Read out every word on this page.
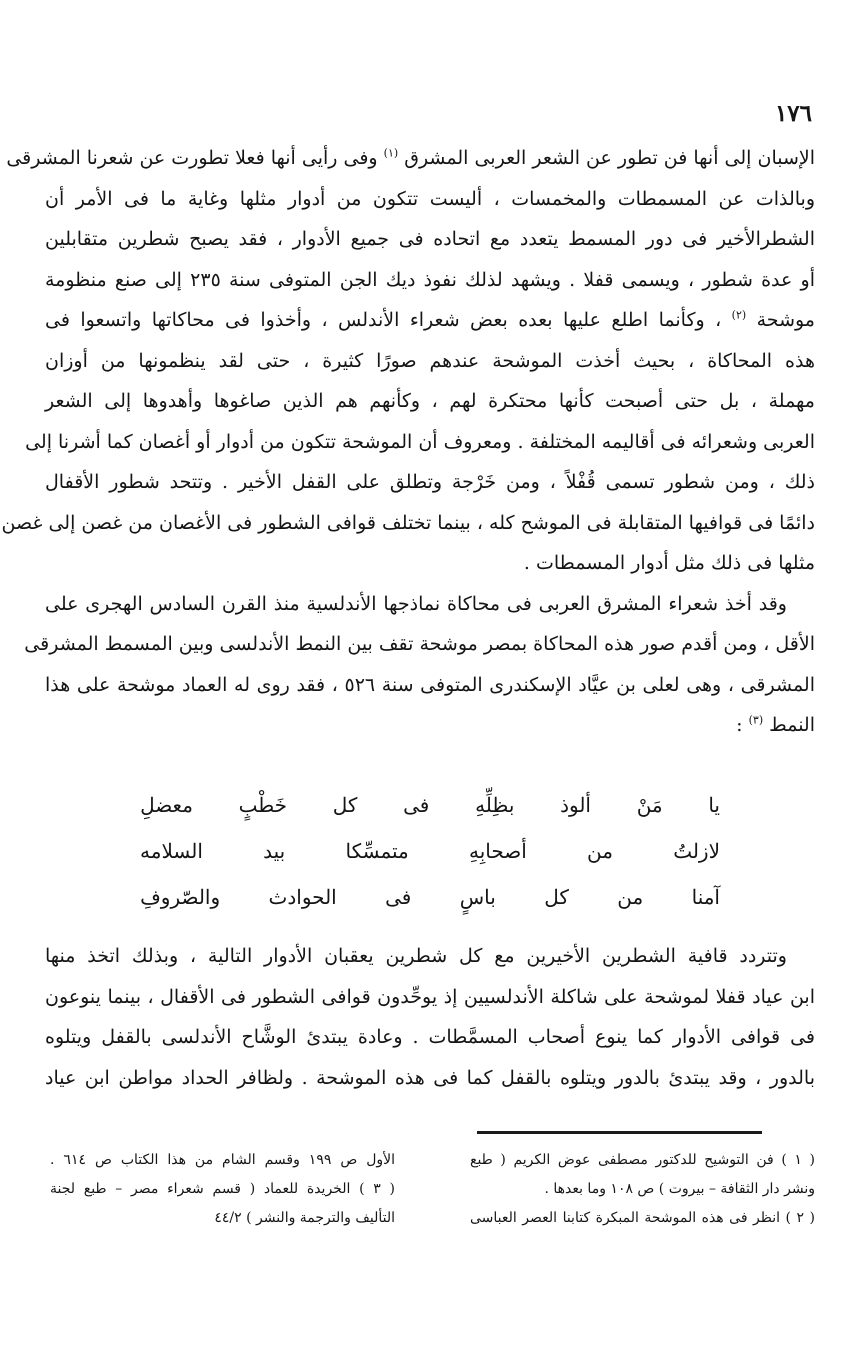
١٧٦
الإسبان إلى أنها فن تطور عن الشعر العربى المشرق $^{(١)}$ وفى رأيى أنها فعلا تطورت عن شعرنا المشرقى
وبالذات عن المسمطات والمخمسات ، أليست تتكون من أدوار مثلها وغاية ما فى الأمر أن
الشطرالأخير فى دور المسمط يتعدد مع اتحاده فى جميع الأدوار ، فقد يصبح شطرين متقابلين
أو عدة شطور ، ويسمى قفلا . ويشهد لذلك نفوذ ديك الجن المتوفى سنة ٢٣٥ إلى صنع منظومة
موشحة $^{(٢)}$ ، وكأنما اطلع عليها بعده بعض شعراء الأندلس ، وأخذوا فى محاكاتها واتسعوا فى
هذه المحاكاة ، بحيث أخذت الموشحة عندهم صورًا كثيرة ، حتى لقد ينظمونها من أوزان
مهملة ، بل حتى أصبحت كأنها محتكرة لهم ، وكأنهم هم الذين صاغوها وأهدوها إلى الشعر
العربى وشعرائه فى أقاليمه المختلفة . ومعروف أن الموشحة تتكون من أدوار أو أغصان كما أشرنا إلى
ذلك ، ومن شطور تسمى قُفْلاً ، ومن خَرْجة وتطلق على القفل الأخير . وتتحد شطور الأقفال
دائمًا فى قوافيها المتقابلة فى الموشح كله ، بينما تختلف قوافى الشطور فى الأغصان من غصن إلى غصن
مثلها فى ذلك مثل أدوار المسمطات .
وقد أخذ شعراء المشرق العربى فى محاكاة نماذجها الأندلسية منذ القرن السادس الهجرى على
الأقل ، ومن أقدم صور هذه المحاكاة بمصر موشحة تقف بين النمط الأندلسى وبين المسمط المشرقى
المشرقى ، وهى لعلى بن عيَّاد الإسكندرى المتوفى سنة ٥٢٦ ، فقد روى له العماد موشحة على هذا
النمط $^{(٣)}$ :
يا
مَنْ
ألوذ
بظِلِّهِ
فى
كل
خَطْبٍ
معضلِ
لازلتُ
من
أصحابِهِ
متمسِّكا
بيد
السلامه
آمنا
من
كل
باسٍ
فى
الحوادث
والصّروفِ
وتتردد قافية الشطرين الأخيرين مع كل شطرين يعقبان الأدوار التالية ، وبذلك اتخذ منها
ابن عياد قفلا لموشحة على شاكلة الأندلسيين إذ يوحِّدون قوافى الشطور فى الأقفال ، بينما ينوعون
فى قوافى الأدوار كما ينوع أصحاب المسمَّطات . وعادة يبتدئ الوشَّاح الأندلسى بالقفل ويتلوه
بالدور ، وقد يبتدئ بالدور ويتلوه بالقفل كما فى هذه الموشحة . ولظافر الحداد مواطن ابن عياد
( ١ ) فن التوشيح للدكتور مصطفى عوض الكريم ( طبع
ونشر دار الثقافة – بيروت ) ص ١٠٨ وما بعدها .
( ٢ ) انظر فى هذه الموشحة المبكرة كتابنا العصر العباسى
الأول ص ١٩٩ وقسم الشام من هذا الكتاب ص ٦١٤ .
( ٣ ) الخريدة للعماد ( قسم شعراء مصر – طبع لجنة
التأليف والترجمة والنشر ) ٤٤/٢
